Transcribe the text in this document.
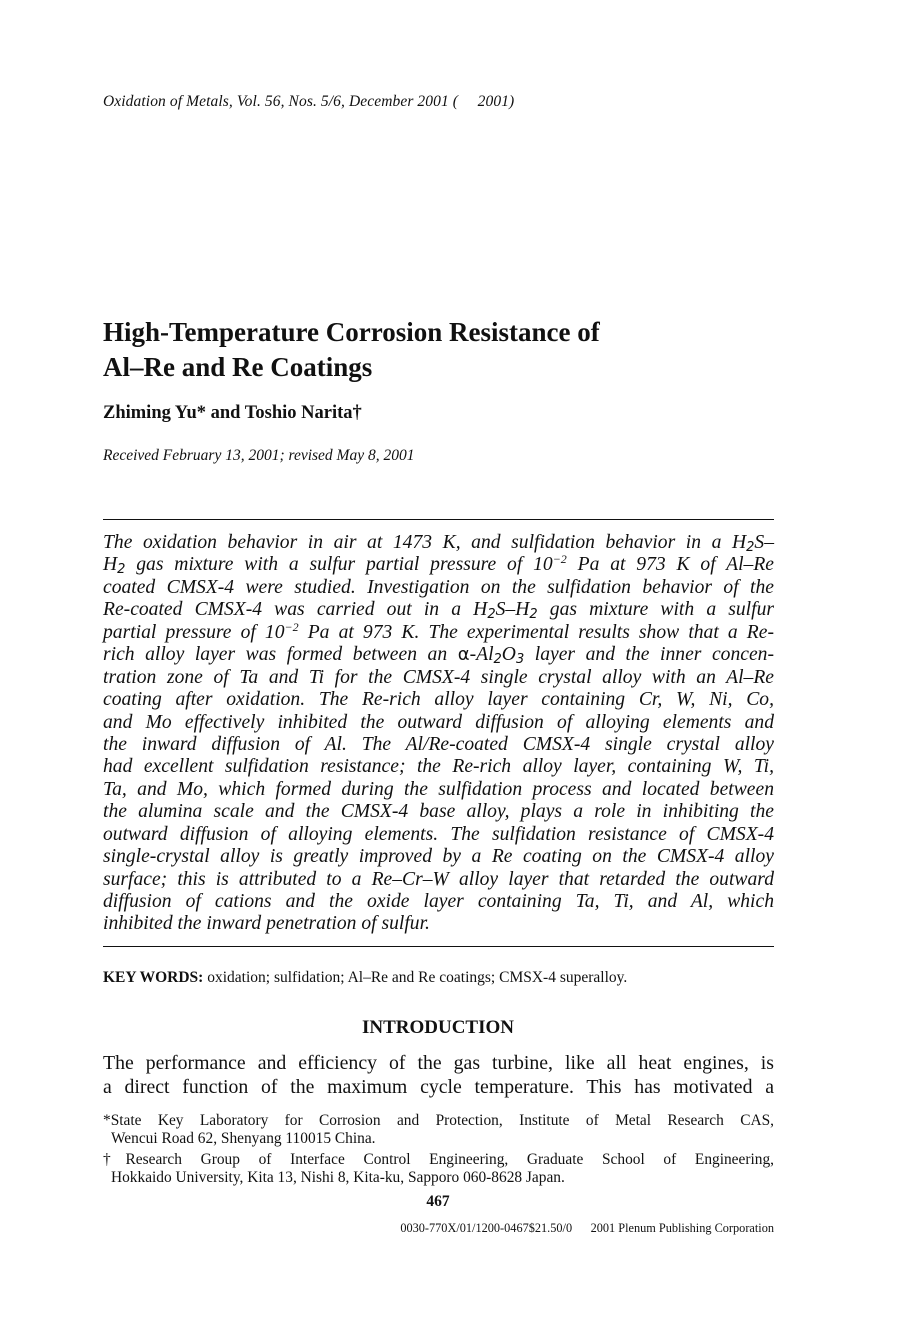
Oxidation of Metals, Vol. 56, Nos. 5/6, December 2001 (  2001)
High-Temperature Corrosion Resistance of
Al–Re and Re Coatings
Zhiming Yu* and Toshio Narita†
Received February 13, 2001; revised May 8, 2001
The oxidation behavior in air at 1473 K, and sulfidation behavior in a $H_2S-$
$H_2$ gas mixture with a sulfur partial pressure of $10^{-2}$ Pa at 973 K of Al–Re
coated CMSX-4 were studied. Investigation on the sulfidation behavior of the
Re-coated CMSX-4 was carried out in a $H_2S-H_2$ gas mixture with a sulfur
partial pressure of $10^{-2}$ Pa at 973 K. The experimental results show that a Re-
rich alloy layer was formed between an $\alpha-Al_2O_3$ layer and the inner concen-
tration zone of Ta and Ti for the CMSX-4 single crystal alloy with an Al–Re
coating after oxidation. The Re-rich alloy layer containing Cr, W, Ni, Co,
and Mo effectively inhibited the outward diffusion of alloying elements and
the inward diffusion of Al. The Al/Re-coated CMSX-4 single crystal alloy
had excellent sulfidation resistance; the Re-rich alloy layer, containing W, Ti,
Ta, and Mo, which formed during the sulfidation process and located between
the alumina scale and the CMSX-4 base alloy, plays a role in inhibiting the
outward diffusion of alloying elements. The sulfidation resistance of CMSX-4
single-crystal alloy is greatly improved by a Re coating on the CMSX-4 alloy
surface; this is attributed to a Re–Cr–W alloy layer that retarded the outward
diffusion of cations and the oxide layer containing Ta, Ti, and Al, which
inhibited the inward penetration of sulfur.
KEY WORDS: oxidation; sulfidation; Al–Re and Re coatings; CMSX-4 superalloy.
INTRODUCTION
The performance and efficiency of the gas turbine, like all heat engines, is
a direct function of the maximum cycle temperature. This has motivated a
*State Key Laboratory for Corrosion and Protection, Institute of Metal Research CAS,
Wencui Road 62, Shenyang 110015 China.
†Research Group of Interface Control Engineering, Graduate School of Engineering,
Hokkaido University, Kita 13, Nishi 8, Kita-ku, Sapporo 060-8628 Japan.
467
0030-770X/01/1200-0467$21.50/0   2001 Plenum Publishing Corporation
